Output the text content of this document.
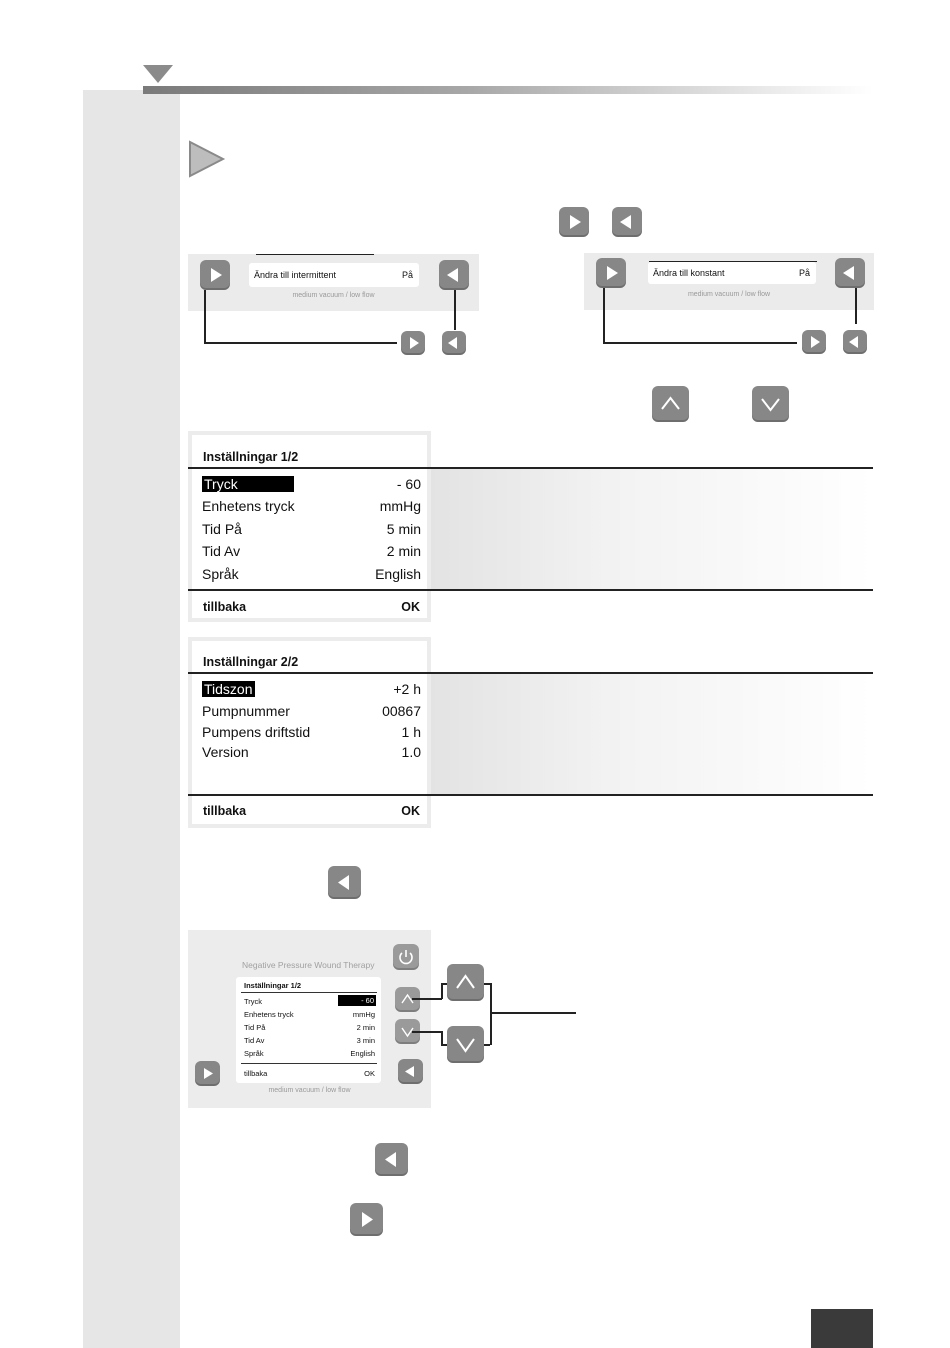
Ändra till intermittent	På
medium vacuum / low flow
Ändra till konstant	På
medium vacuum / low flow
Inställningar 1/2
Tryck	- 60
Enhetens tryck	mmHg
Tid På	5 min
Tid Av	2 min
Språk	English
tillbaka	OK
Inställningar 2/2
Tidszon	+2 h
Pumpnummer	00867
Pumpens driftstid	1 h
Version	1.0
tillbaka	OK
Negative Pressure Wound Therapy
medium vacuum / low flow
Inställningar 1/2
Tryck	- 60
Enhetens tryck	mmHg
Tid På	2 min
Tid Av	3 min
Språk	English
tillbaka	OK
